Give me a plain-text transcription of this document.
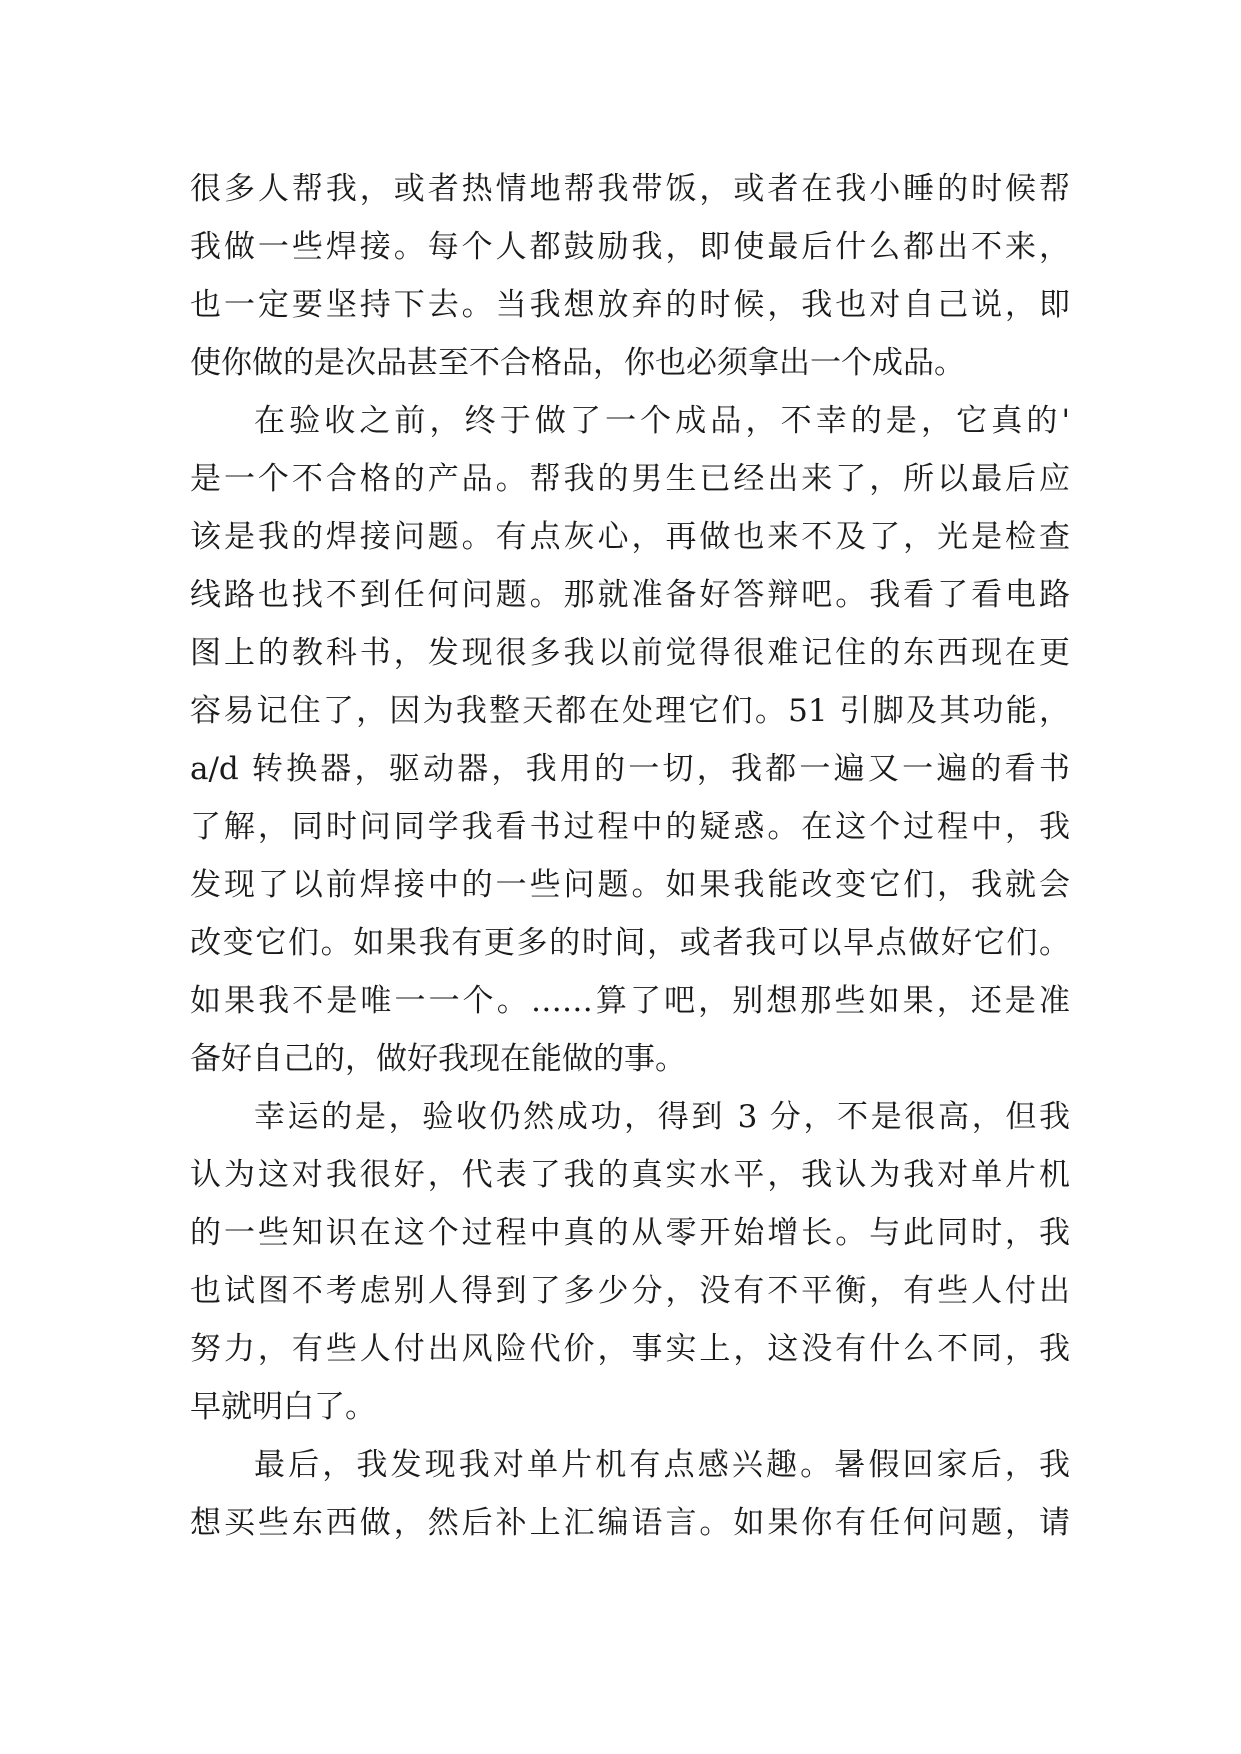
很多人帮我，或者热情地帮我带饭，或者在我小睡的时候帮
我做一些焊接。每个人都鼓励我，即使最后什么都出不来，
也一定要坚持下去。当我想放弃的时候，我也对自己说，即
使你做的是次品甚至不合格品，你也必须拿出一个成品。
在验收之前，终于做了一个成品，不幸的是，它真的'
是一个不合格的产品。帮我的男生已经出来了，所以最后应
该是我的焊接问题。有点灰心，再做也来不及了，光是检查
线路也找不到任何问题。那就准备好答辩吧。我看了看电路
图上的教科书，发现很多我以前觉得很难记住的东西现在更
容易记住了，因为我整天都在处理它们。51 引脚及其功能，
a/d 转换器，驱动器，我用的一切，我都一遍又一遍的看书
了解，同时问同学我看书过程中的疑惑。在这个过程中，我
发现了以前焊接中的一些问题。如果我能改变它们，我就会
改变它们。如果我有更多的时间，或者我可以早点做好它们。
如果我不是唯一一个。……算了吧，别想那些如果，还是准
备好自己的，做好我现在能做的事。
幸运的是，验收仍然成功，得到 3 分，不是很高，但我
认为这对我很好，代表了我的真实水平，我认为我对单片机
的一些知识在这个过程中真的从零开始增长。与此同时，我
也试图不考虑别人得到了多少分，没有不平衡，有些人付出
努力，有些人付出风险代价，事实上，这没有什么不同，我
早就明白了。
最后，我发现我对单片机有点感兴趣。暑假回家后，我
想买些东西做，然后补上汇编语言。如果你有任何问题，请
